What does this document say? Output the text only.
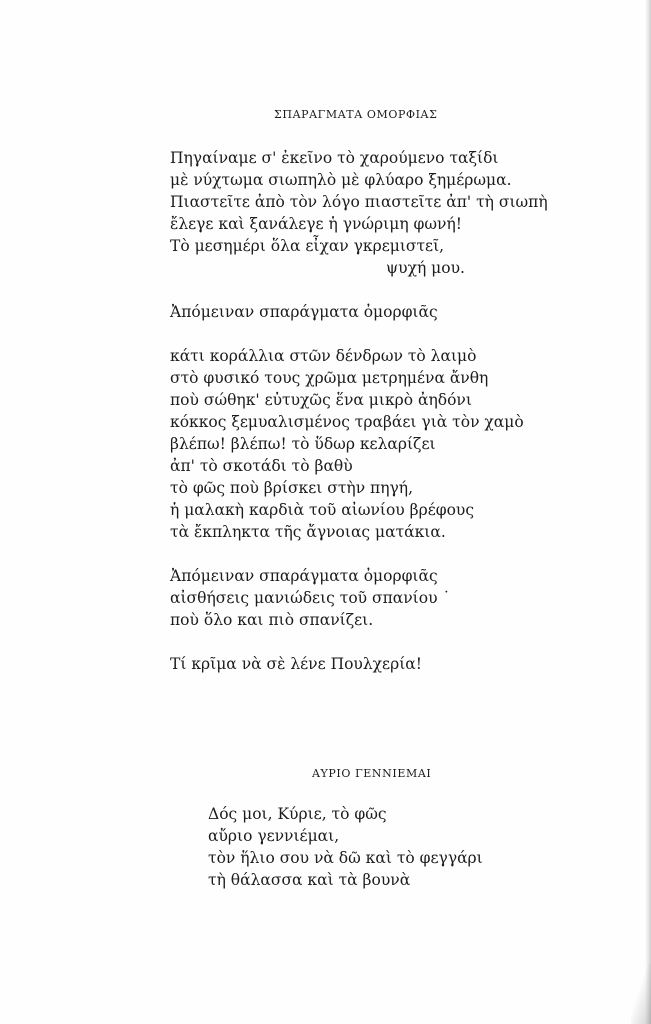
ΣΠΑΡΑΓΜΑΤΑ ΟΜΟΡΦΙΑΣ
Πηγαίναμε σ' ἐκεῖνο τὸ χαρούμενο ταξίδι
μὲ νύχτωμα σιωπηλὸ μὲ φλύαρο ξημέρωμα.
Πιαστεῖτε ἀπὸ τὸν λόγο πιαστεῖτε ἀπ' τὴ σιωπὴ
ἔλεγε καὶ ξανάλεγε ἡ γνώριμη φωνή!
Τὸ μεσημέρι ὅλα εἶχαν γκρεμιστεῖ,
ψυχή μου.
Ἀπόμειναν σπαράγματα ὀμορφιᾶς
κάτι κοράλλια στῶν δένδρων τὸ λαιμὸ
στὸ φυσικό τους χρῶμα μετρημένα ἄνθη
ποὺ σώθηκ' εὐτυχῶς ἕνα μικρὸ ἀηδόνι
κόκκος ξεμυαλισμένος τραβάει γιὰ τὸν χαμὸ
βλέπω! βλέπω! τὸ ὕδωρ κελαρίζει
ἀπ' τὸ σκοτάδι τὸ βαθὺ
τὸ φῶς ποὺ βρίσκει στὴν πηγή,
ἡ μαλακὴ καρδιὰ τοῦ αἰωνίου βρέφους
τὰ ἔκπληκτα τῆς ἄγνοιας ματάκια.
Ἀπόμειναν σπαράγματα ὀμορφιᾶς
αἰσθήσεις μανιώδεις τοῦ σπανίου ˙
ποὺ ὅλο και πιὸ σπανίζει.
Τί κρῖμα νὰ σὲ λένε Πουλχερία!
ΑΥΡΙΟ ΓΕΝΝΙΕΜΑΙ
Δός μοι, Κύριε, τὸ φῶς
αὔριο γεννιέμαι,
τὸν ἥλιο σου νὰ δῶ καὶ τὸ φεγγάρι
τὴ θάλασσα καὶ τὰ βουνὰ
